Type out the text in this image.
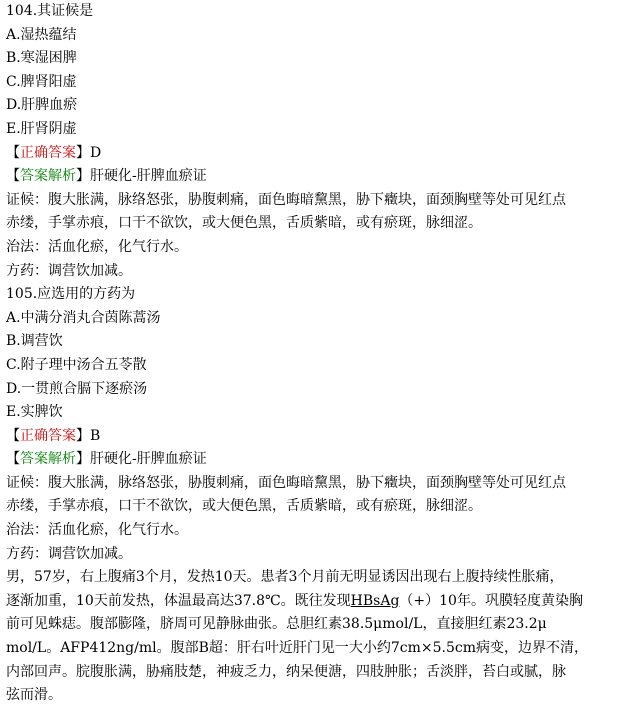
104.其证候是
A.湿热蕴结
B.寒湿困脾
C.脾肾阳虚
D.肝脾血瘀
E.肝肾阴虚
【正确答案】D
【答案解析】肝硬化-肝脾血瘀证
证候：腹大胀满，脉络怒张，胁腹刺痛，面色晦暗黧黑，胁下癥块，面颈胸壁等处可见红点
赤缕，手掌赤痕，口干不欲饮，或大便色黑，舌质紫暗，或有瘀斑，脉细涩。
治法：活血化瘀，化气行水。
方药：调营饮加减。
105.应选用的方药为
A.中满分消丸合茵陈蒿汤
B.调营饮
C.附子理中汤合五苓散
D.一贯煎合膈下逐瘀汤
E.实脾饮
【正确答案】B
【答案解析】肝硬化-肝脾血瘀证
证候：腹大胀满，脉络怒张，胁腹刺痛，面色晦暗黧黑，胁下癥块，面颈胸壁等处可见红点
赤缕，手掌赤痕，口干不欲饮，或大便色黑，舌质紫暗，或有瘀斑，脉细涩。
治法：活血化瘀，化气行水。
方药：调营饮加减。
男，57岁，右上腹痛3个月，发热10天。患者3个月前无明显诱因出现右上腹持续性胀痛，
逐渐加重，10天前发热，体温最高达37.8℃。既往发现HBsAg（+）10年。巩膜轻度黄染胸
前可见蛛痣。腹部膨隆，脐周可见静脉曲张。总胆红素38.5μmol/L，直接胆红素23.2μ
mol/L。AFP412ng/ml。腹部B超：肝右叶近肝门见一大小约7cm×5.5cm病变，边界不清，
内部回声。脘腹胀满，胁痛肢楚，神疲乏力，纳呆便溏，四肢肿胀；舌淡胖，苔白或腻，脉
弦而滑。
